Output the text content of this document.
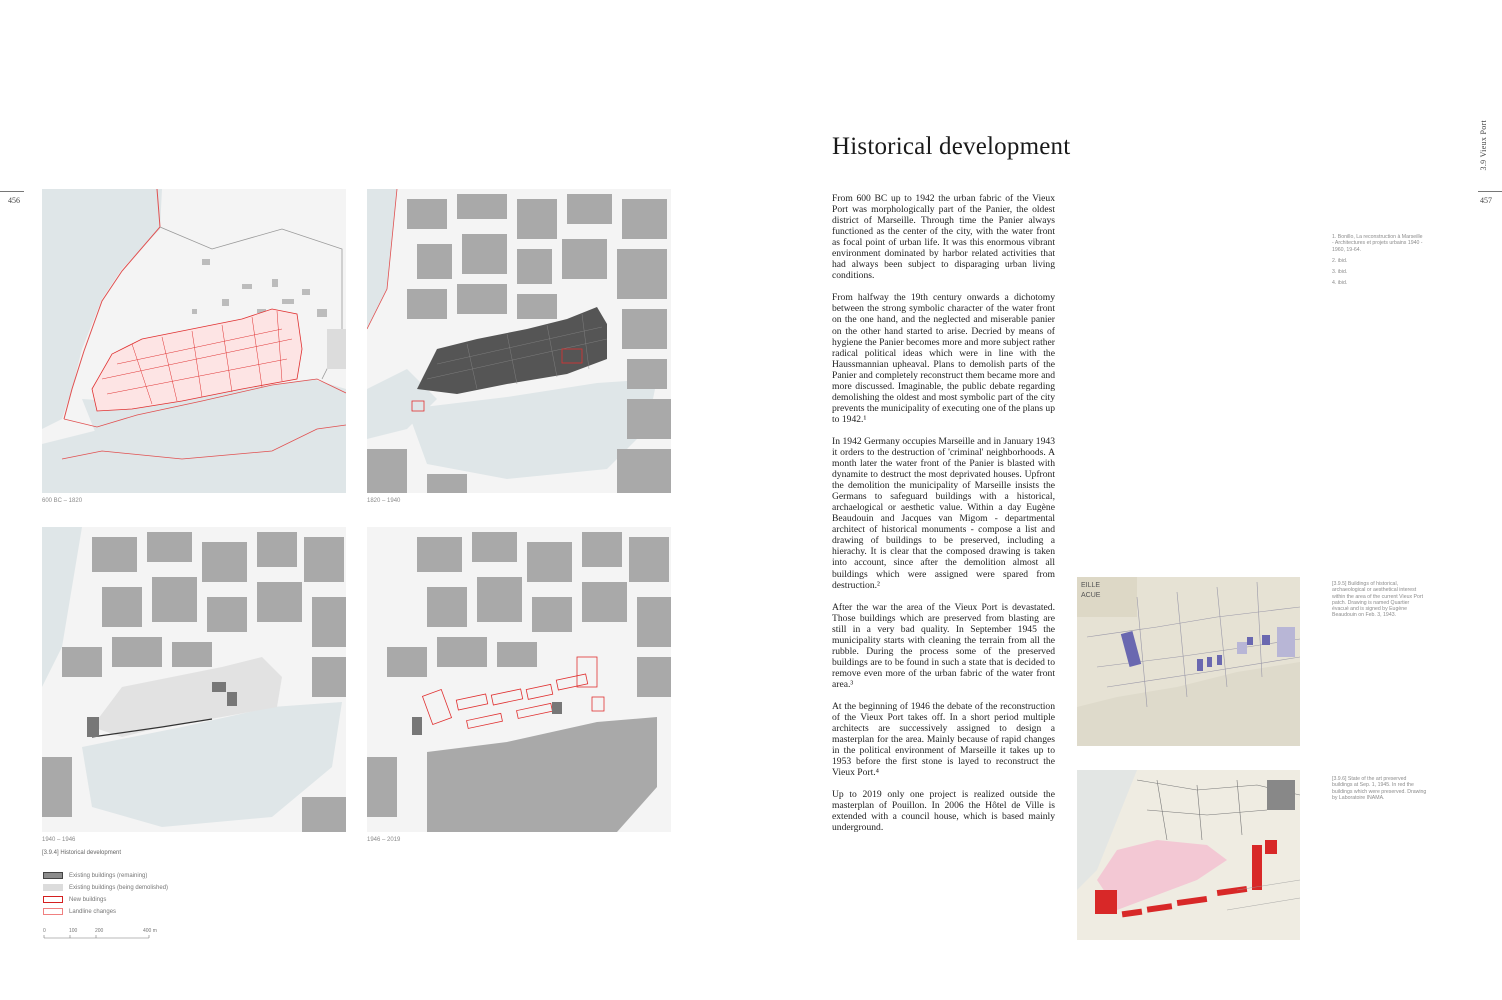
456	457
3.9 Vieux Port
600 BC – 1820	1820 – 1940
1940 – 1946
[3.9.4] Historical development
1946 – 2019
Existing buildings (remaining)
Existing buildings (being demolished)
New buildings
Landline changes
0	100	200	400 m
Historical development

From 600 BC up to 1942 the urban fabric of the Vieux Port was morphologically part of the Panier, the oldest district of Marseille. Through time the Panier always functioned as the center of the city, with the water front as focal point of urban life. It was this enormous vibrant environment dominated by harbor related activities that had always been subject to disparaging urban living conditions.

From halfway the 19th century onwards a dichotomy between the strong symbolic character of the water front on the one hand, and the neglected and miserable panier on the other hand started to arise. Decried by means of hygiene the Panier becomes more and more subject rather radical political ideas which were in line with the Haussmannian upheaval. Plans to demolish parts of the Panier and completely reconstruct them became more and more discussed. Imaginable, the public debate regarding demolishing the oldest and most symbolic part of the city prevents the municipality of executing one of the plans up to 1942.¹

In 1942 Germany occupies Marseille and in January 1943 it orders to the destruction of 'criminal' neighborhoods. A month later the water front of the Panier is blasted with dynamite to destruct the most deprivated houses. Upfront the demolition the municipality of Marseille insists the Germans to safeguard buildings with a historical, archaelogical or aesthetic value. Within a day Eugène Beaudouin and Jacques van Migom - departmental architect of historical monuments - compose a list and drawing of buildings to be preserved, including a hierachy. It is clear that the composed drawing is taken into account, since after the demolition almost all buildings which were assigned were spared from destruction.²

After the war the area of the Vieux Port is devastated. Those buildings which are preserved from blasting are still in a very bad quality. In September 1945 the municipality starts with cleaning the terrain from all the rubble. During the process some of the preserved buildings are to be found in such a state that is decided to remove even more of the urban fabric of the water front area.³

At the beginning of 1946 the debate of the reconstruction of the Vieux Port takes off. In a short period multiple architects are successively assigned to design a masterplan for the area. Mainly because of rapid changes in the political environment of Marseille it takes up to 1953 before the first stone is layed to reconstruct the Vieux Port.⁴

Up to 2019 only one project is realized outside the masterplan of Pouillon. In 2006 the Hôtel de Ville is extended with a council house, which is based mainly underground.

1. Bonillo, La reconstruction à Marseille - Architectures et projets urbains 1940 - 1960, 19-64.
2. ibid.
3. ibid.
4. ibid.
EILLE
ACUE
[3.9.5] Buildings of historical, archaeological or aesthetical interest within the area of the current Vieux Port patch. Drawing is named Quartier évacué and is signed by Eugène Beaudouin on Feb. 3, 1943.
[3.9.6] State of the art preserved buildings at Sep. 1, 1945. In red the buildings which were preserved. Drawing by Laboratoire INAMA.
